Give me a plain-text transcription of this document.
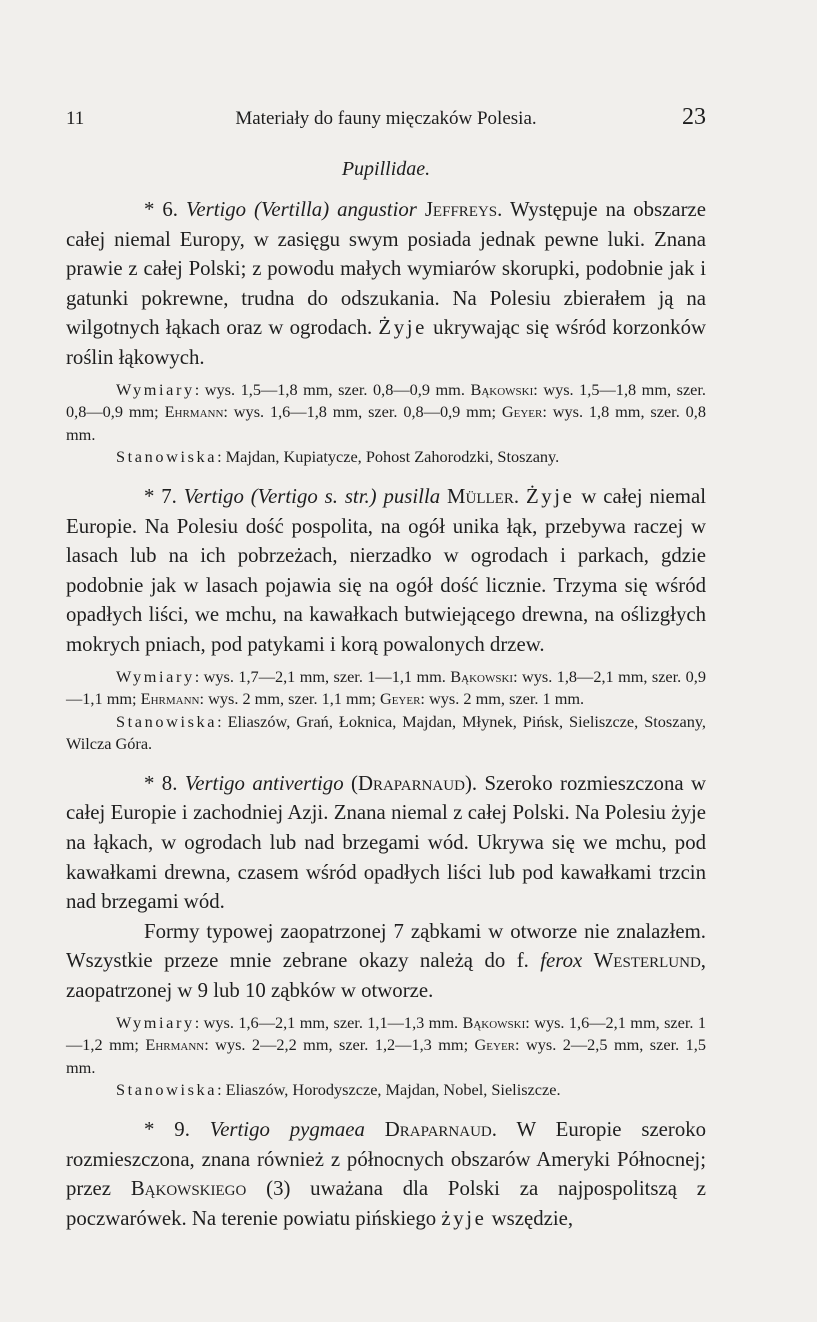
11	Materiały do fauny mięczaków Polesia.	23
Pupillidae.

* 6. Vertigo (Vertilla) angustior Jeffreys. Występuje na obszarze całej niemal Europy, w zasięgu swym posiada jednak pewne luki. Znana prawie z całej Polski; z powodu małych wymiarów skorupki, podobnie jak i gatunki pokrewne, trudna do odszukania. Na Polesiu zbierałem ją na wilgotnych łąkach oraz w ogrodach. Żyje ukrywając się wśród korzonków roślin łąkowych.

Wymiary: wys. 1,5—1,8 mm, szer. 0,8—0,9 mm. Bąkowski: wys. 1,5—1,8 mm, szer. 0,8—0,9 mm; Ehrmann: wys. 1,6—1,8 mm, szer. 0,8—0,9 mm; Geyer: wys. 1,8 mm, szer. 0,8 mm.

Stanowiska: Majdan, Kupiatycze, Pohost Zahorodzki, Stoszany.

* 7. Vertigo (Vertigo s. str.) pusilla Müller. Żyje w całej niemal Europie. Na Polesiu dość pospolita, na ogół unika łąk, przebywa raczej w lasach lub na ich pobrzeżach, nierzadko w ogrodach i parkach, gdzie podobnie jak w lasach pojawia się na ogół dość licznie. Trzyma się wśród opadłych liści, we mchu, na kawałkach butwiejącego drewna, na oślizgłych mokrych pniach, pod patykami i korą powalonych drzew.

Wymiary: wys. 1,7—2,1 mm, szer. 1—1,1 mm. Bąkowski: wys. 1,8—2,1 mm, szer. 0,9—1,1 mm; Ehrmann: wys. 2 mm, szer. 1,1 mm; Geyer: wys. 2 mm, szer. 1 mm.

Stanowiska: Eliaszów, Grań, Łoknica, Majdan, Młynek, Pińsk, Sieliszcze, Stoszany, Wilcza Góra.

* 8. Vertigo antivertigo (Draparnaud). Szeroko rozmieszczona w całej Europie i zachodniej Azji. Znana niemal z całej Polski. Na Polesiu żyje na łąkach, w ogrodach lub nad brzegami wód. Ukrywa się we mchu, pod kawałkami drewna, czasem wśród opadłych liści lub pod kawałkami trzcin nad brzegami wód.

Formy typowej zaopatrzonej 7 ząbkami w otworze nie znalazłem. Wszystkie przeze mnie zebrane okazy należą do f. ferox Westerlund, zaopatrzonej w 9 lub 10 ząbków w otworze.

Wymiary: wys. 1,6—2,1 mm, szer. 1,1—1,3 mm. Bąkowski: wys. 1,6—2,1 mm, szer. 1—1,2 mm; Ehrmann: wys. 2—2,2 mm, szer. 1,2—1,3 mm; Geyer: wys. 2—2,5 mm, szer. 1,5 mm.

Stanowiska: Eliaszów, Horodyszcze, Majdan, Nobel, Sieliszcze.

* 9. Vertigo pygmaea Draparnaud. W Europie szeroko rozmieszczona, znana również z północnych obszarów Ameryki Północnej; przez Bąkowskiego (3) uważana dla Polski za najpospolitszą z poczwarówek. Na terenie powiatu pińskiego żyje wszędzie,
